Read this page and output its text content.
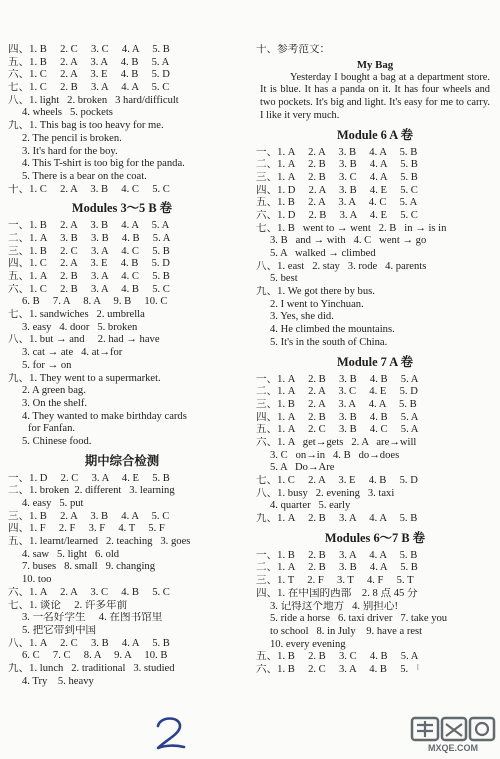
四、1. B     2. C     3. C     4. A     5. B
五、1. B     2. A     3. A     4. B     5. A
六、1. C     2. A     3. E     4. B     5. D
七、1. C     2. B     3. A     4. A     5. C
八、1. light   2. broken   3 hard/difficult
4. wheels   5. pockets
九、1. This bag is too heavy for me.
2. The pencil is broken.
3. It's hard for the boy.
4. This T-shirt is too big for the panda.
5. There is a bear on the coat.
十、1. C     2. A     3. B     4. C     5. C
Modules 3～5 B 卷
一、1. B     2. A     3. B     4. A     5. A
二、1. A     3. B     3. B     4. B     5. A
三、1. B     2. C     3. A     4. C     5. B
四、1. C     2. A     3. E     4. B     5. D
五、1. A     2. B     3. A     4. C     5. B
六、1. C     2. B     3. A     4. B     5. C
6. B     7. A     8. A     9. B     10. C
七、1. sandwiches   2. umbrella
3. easy   4. door   5. broken
八、1. but → and     2. had → have
3. cat → ate   4. at→for
5. for → on
九、1. They went to a supermarket.
2. A green bag.
3. On the shelf.
4. They wanted to make birthday cards
for Fanfan.
5. Chinese food.
期中综合检测
一、1. D     2. C     3. A     4. E     5. B
二、1. broken  2. different   3. learning
4. easy   5. put
三、1. B     2. A     3. B     4. A     5. C
四、1. F     2. F     3. F     4. T     5. F
五、1. learnt/learned   2. teaching   3. goes
4. saw   5. light   6. old
7. buses   8. small   9. changing
10. too
六、1. A     2. A     3. C     4. B     5. C
七、1. 谈论     2. 许多年前
3. 一名好学生     4. 在图书馆里
5. 把它带到中国
八、1. A     2. C     3. B     4. A     5. B
6. C     7. C     8. A     9. A     10. B
九、1. lunch   2. traditional   3. studied
4. Try    5. heavy
十、参考范文：
My Bag
Yesterday I bought a bag at a department store. It is blue. It has a panda on it. It has four wheels and two pockets. It's big and light. It's easy for me to carry. I like it very much.
Module 6 A 卷
一、1. A     2. A     3. B     4. A     5. B
二、1. A     2. B     3. B     4. A     5. B
三、1. A     2. B     3. C     4. A     5. B
四、1. D     2. A     3. B     4. E     5. C
五、1. B     2. A     3. A     4. C     5. A
六、1. D     2. B     3. A     4. E     5. C
七、1. B   went to → went   2. B   in → is in
3. B   and → with   4. C   went → go
5. A   walked → climbed
八、1. east   2. stay   3. rode   4. parents
5. best
九、1. We got there by bus.
2. I went to Yinchuan.
3. Yes, she did.
4. He climbed the mountains.
5. It's in the south of China.
Module 7 A 卷
一、1. A     2. B     3. B     4. B     5. A
二、1. A     2. A     3. C     4. E     5. D
三、1. B     2. A     3. A     4. A     5. B
四、1. A     2. B     3. B     4. B     5. A
五、1. A     2. C     3. B     4. C     5. A
六、1. A   get→gets   2. A   are→will
3. C   on→in   4. B   do→does
5. A   Do→Are
七、1. C     2. A     3. E     4. B     5. D
八、1. busy   2. evening   3. taxi
4. quarter   5. early
九、1. A     2. B     3. A     4. A     5. B
Modules 6～7 B 卷
一、1. B     2. B     3. A     4. A     5. B
二、1. A     2. B     3. B     4. A     5. B
三、1. T     2. F     3. T     4. F     5. T
四、1. 在中国的西部    2. 8 点 45 分
3. 记得这个地方   4. 别担心!
5. ride a horse   6. taxi driver   7. take you
to school   8. in July    9. have a rest
10. every evening
五、1. B     2. B     3. C     4. B     5. A
六、1. B     2. C     3. A     4. B     5. 「
MXQE.COM
